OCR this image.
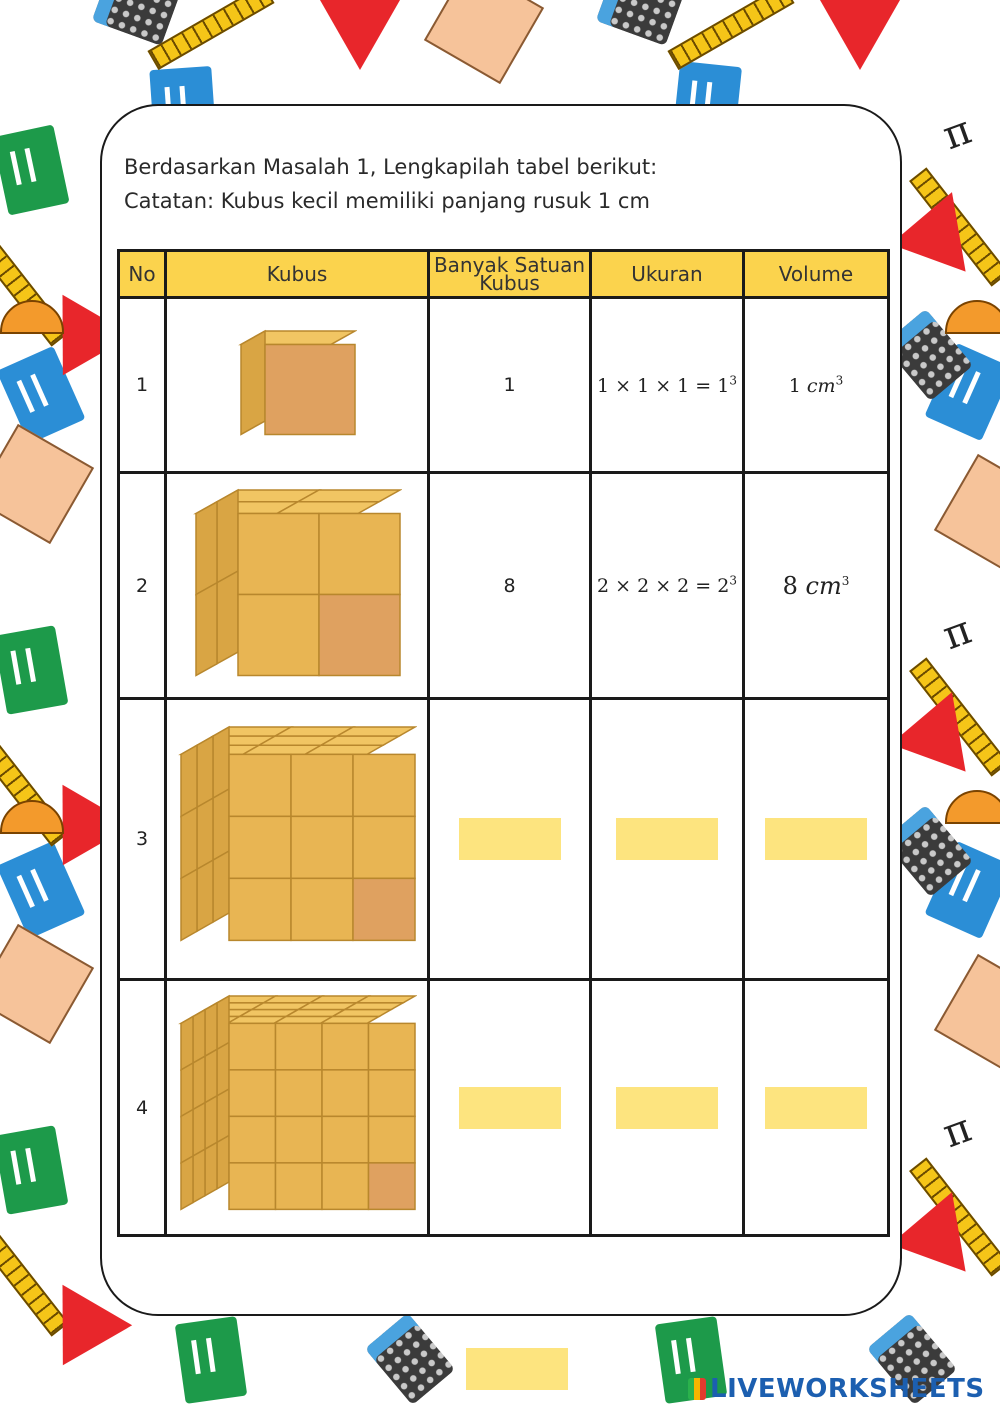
π
π
π
Berdasarkan Masalah 1, Lengkapilah tabel berikut:
Catatan: Kubus kecil memiliki panjang rusuk 1 cm
No	Kubus	Banyak Satuan Kubus	Ukuran	Volume
1		1	$1 \times 1 \times 1 = 1^3$	1 $cm^3$
2		8	$2 \times 2 \times 2 = 2^3$	8 $cm^3$
3	

4	

LIVEWORKSHEETS
